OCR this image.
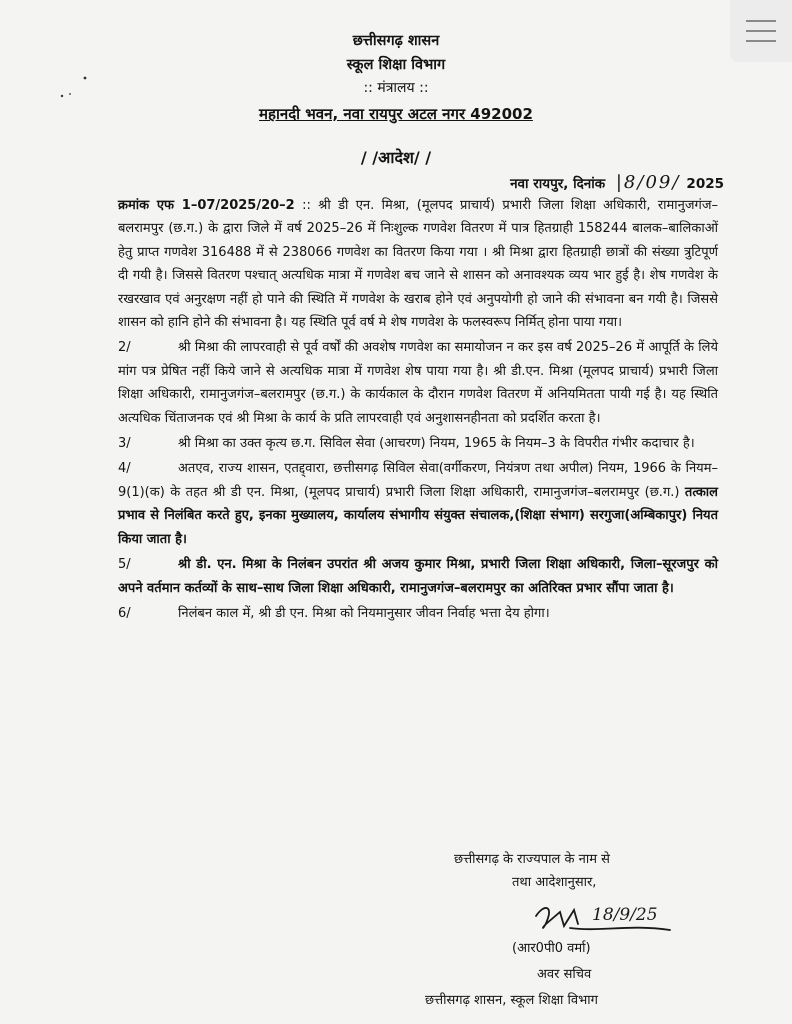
छत्तीसगढ़ शासन
स्कूल शिक्षा विभाग
:: मंत्रालय ::
महानदी भवन, नवा रायपुर अटल नगर 492002
/ /आदेश/ /
नवा रायपुर, दिनांक |8/09/ 2025

क्रमांक एफ 1–07/2025/20–2 :: श्री डी एन. मिश्रा, (मूलपद प्राचार्य) प्रभारी जिला शिक्षा अधिकारी, रामानुजगंज–बलरामपुर (छ.ग.) के द्वारा जिले में वर्ष 2025–26 में निःशुल्क गणवेश वितरण में पात्र हितग्राही 158244 बालक–बालिकाओं हेतु प्राप्त गणवेश 316488 में से 238066 गणवेश का वितरण किया गया । श्री मिश्रा द्वारा हितग्राही छात्रों की संख्या त्रुटिपूर्ण दी गयी है। जिससे वितरण पश्चात् अत्यधिक मात्रा में गणवेश बच जाने से शासन को अनावश्यक व्यय भार हुई है। शेष गणवेश के रखरखाव एवं अनुरक्षण नहीं हो पाने की स्थिति में गणवेश के खराब होने एवं अनुपयोगी हो जाने की संभावना बन गयी है। जिससे शासन को हानि होने की संभावना है। यह स्थिति पूर्व वर्ष मे शेष गणवेश के फलस्वरूप निर्मित् होना पाया गया।

2/	श्री मिश्रा की लापरवाही से पूर्व वर्षों की अवशेष गणवेश का समायोजन न कर इस वर्ष 2025–26 में आपूर्ति के लिये मांग पत्र प्रेषित नहीं किये जाने से अत्यधिक मात्रा में गणवेश शेष पाया गया है। श्री डी.एन. मिश्रा (मूलपद प्राचार्य) प्रभारी जिला शिक्षा अधिकारी, रामानुजगंज–बलरामपुर (छ.ग.) के कार्यकाल के दौरान गणवेश वितरण में अनियमितता पायी गई है। यह स्थिति अत्यधिक चिंताजनक एवं श्री मिश्रा के कार्य के प्रति लापरवाही एवं अनुशासनहीनता को प्रदर्शित करता है।

3/	श्री मिश्रा का उक्त कृत्य छ.ग. सिविल सेवा (आचरण) नियम, 1965 के नियम–3 के विपरीत गंभीर कदाचार है।

4/	अतएव, राज्य शासन, एतद्द्वारा, छत्तीसगढ़ सिविल सेवा(वर्गीकरण, नियंत्रण तथा अपील) नियम, 1966 के नियम–9(1)(क) के तहत श्री डी एन. मिश्रा, (मूलपद प्राचार्य) प्रभारी जिला शिक्षा अधिकारी, रामानुजगंज–बलरामपुर (छ.ग.) तत्काल प्रभाव से निलंबित करते हुए, इनका मुख्यालय, कार्यालय संभागीय संयुक्त संचालक,(शिक्षा संभाग) सरगुजा(अम्बिकापुर) नियत किया जाता है।

5/	श्री डी. एन. मिश्रा के निलंबन उपरांत श्री अजय कुमार मिश्रा, प्रभारी जिला शिक्षा अधिकारी, जिला–सूरजपुर को अपने वर्तमान कर्तव्यों के साथ–साथ जिला शिक्षा अधिकारी, रामानुजगंज–बलरामपुर का अतिरिक्त प्रभार सौंपा जाता है।

6/	निलंबन काल में, श्री डी एन. मिश्रा को नियमानुसार जीवन निर्वाह भत्ता देय होगा।

छत्तीसगढ़ के राज्यपाल के नाम से
तथा आदेशानुसार,
18/9/25
(आर0पी0 वर्मा)
अवर सचिव
छत्तीसगढ़ शासन, स्कूल शिक्षा विभाग
